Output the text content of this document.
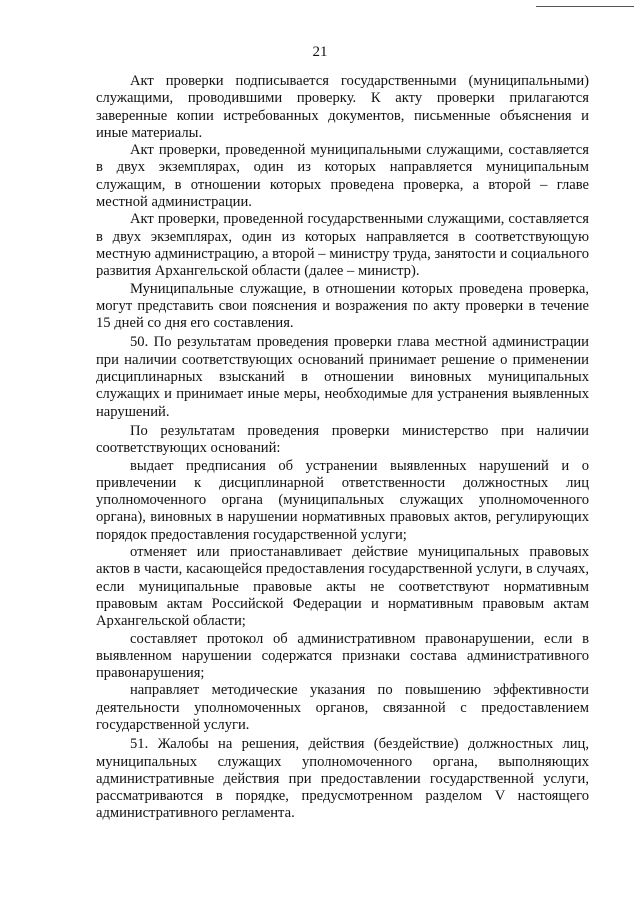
21

Акт проверки подписывается государственными (муниципальными) служащими, проводившими проверку. К акту проверки прилагаются заверенные копии истребованных документов, письменные объяснения и иные материалы.

Акт проверки, проведенной муниципальными служащими, составляется в двух экземплярах, один из которых направляется муниципальным служащим, в отношении которых проведена проверка, а второй – главе местной администрации.

Акт проверки, проведенной государственными служащими, составляется в двух экземплярах, один из которых направляется в соответствующую местную администрацию, а второй – министру труда, занятости и социального развития Архангельской области (далее – министр).

Муниципальные служащие, в отношении которых проведена проверка, могут представить свои пояснения и возражения по акту проверки в течение 15 дней со дня его составления.

50. По результатам проведения проверки глава местной администрации при наличии соответствующих оснований принимает решение о применении дисциплинарных взысканий в отношении виновных муниципальных служащих и принимает иные меры, необходимые для устранения выявленных нарушений.

По результатам проведения проверки министерство при наличии соответствующих оснований:

выдает предписания об устранении выявленных нарушений и о привлечении к дисциплинарной ответственности должностных лиц уполномоченного органа (муниципальных служащих уполномоченного органа), виновных в нарушении нормативных правовых актов, регулирующих порядок предоставления государственной услуги;

отменяет или приостанавливает действие муниципальных правовых актов в части, касающейся предоставления государственной услуги, в случаях, если муниципальные правовые акты не соответствуют нормативным правовым актам Российской Федерации и нормативным правовым актам Архангельской области;

составляет протокол об административном правонарушении, если в выявленном нарушении содержатся признаки состава административного правонарушения;

направляет методические указания по повышению эффективности деятельности уполномоченных органов, связанной с предоставлением государственной услуги.

51. Жалобы на решения, действия (бездействие) должностных лиц, муниципальных служащих уполномоченного органа, выполняющих административные действия при предоставлении государственной услуги, рассматриваются в порядке, предусмотренном разделом V настоящего административного регламента.
